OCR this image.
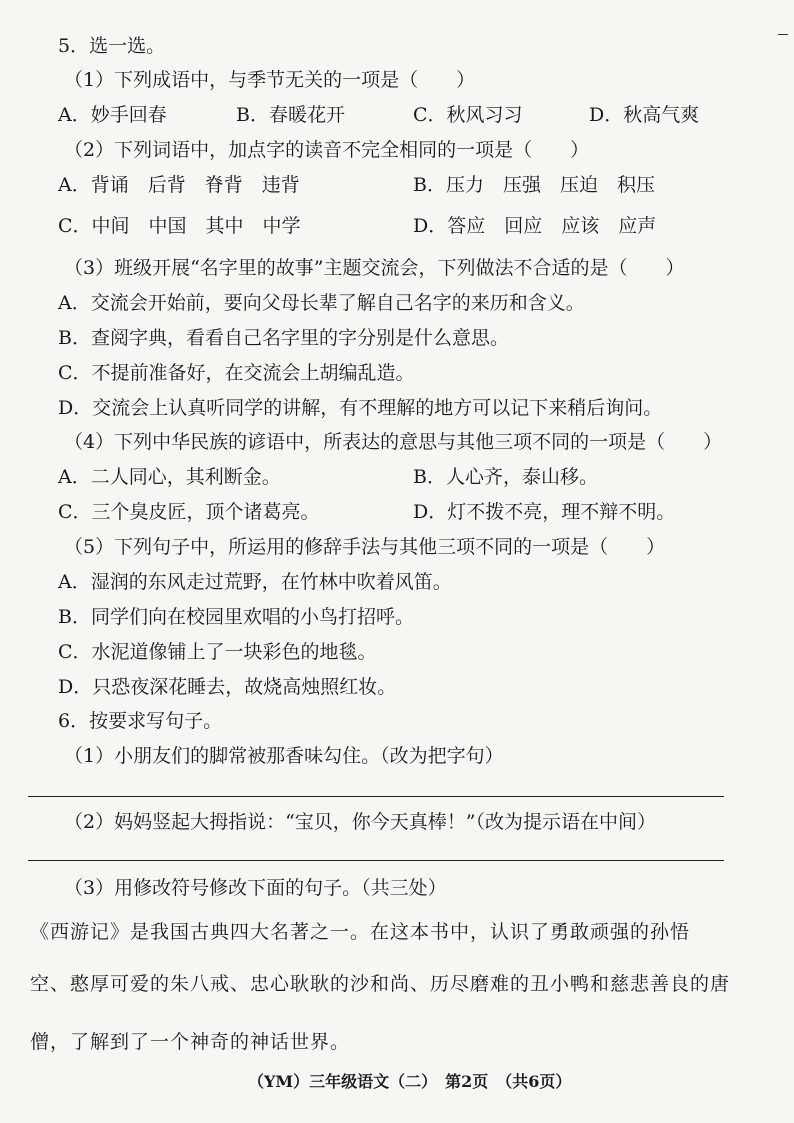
5．选一选。
（1）下列成语中，与季节无关的一项是（　　）
A．妙手回春	B．春暖花开	C．秋风习习	D．秋高气爽
（2）下列词语中，加点字的读音不完全相同的一项是（　　）
A．背诵　后背　脊背　违背	B．压力　压强　压迫　积压
C．中间　中国　其中　中学	D．答应　回应　应该　应声
（3）班级开展“名字里的故事”主题交流会，下列做法不合适的是（　　）
A．交流会开始前，要向父母长辈了解自己名字的来历和含义。
B．查阅字典，看看自己名字里的字分别是什么意思。
C．不提前准备好，在交流会上胡编乱造。
D．交流会上认真听同学的讲解，有不理解的地方可以记下来稍后询问。
（4）下列中华民族的谚语中，所表达的意思与其他三项不同的一项是（　　）
A．二人同心，其利断金。	B．人心齐，泰山移。
C．三个臭皮匠，顶个诸葛亮。	D．灯不拨不亮，理不辩不明。
（5）下列句子中，所运用的修辞手法与其他三项不同的一项是（　　）
A．湿润的东风走过荒野，在竹林中吹着风笛。
B．同学们向在校园里欢唱的小鸟打招呼。
C．水泥道像铺上了一块彩色的地毯。
D．只恐夜深花睡去，故烧高烛照红妆。
6．按要求写句子。
（1）小朋友们的脚常被那香味勾住。（改为把字句）
（2）妈妈竖起大拇指说：“宝贝，你今天真棒！”（改为提示语在中间）
（3）用修改符号修改下面的句子。（共三处）
《西游记》是我国古典四大名著之一。在这本书中，认识了勇敢顽强的孙悟
空、憨厚可爱的朱八戒、忠心耿耿的沙和尚、历尽磨难的丑小鸭和慈悲善良的唐
僧，了解到了一个神奇的神话世界。
（YM）三年级语文（二）　第2页　（共6页）
